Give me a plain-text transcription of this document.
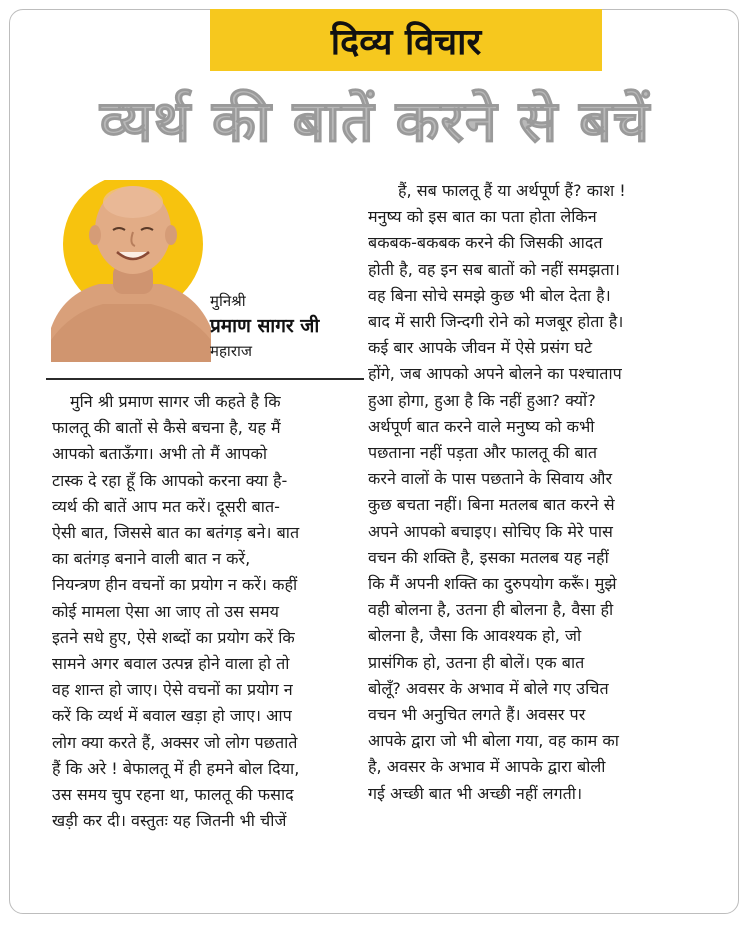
दिव्य विचार
व्यर्थ की बातें करने से बचें
मुनिश्री
प्रमाण सागर जी
महाराज
मुनि श्री प्रमाण सागर जी कहते है कि
फालतू की बातों से कैसे बचना है, यह मैं
आपको बताऊँगा। अभी तो मैं आपको
टास्क दे रहा हूँ कि आपको करना क्या है-
व्यर्थ की बातें आप मत करें। दूसरी बात-
ऐसी बात, जिससे बात का बतंगड़ बने। बात
का बतंगड़ बनाने वाली बात न करें,
नियन्त्रण हीन वचनों का प्रयोग न करें। कहीं
कोई मामला ऐसा आ जाए तो उस समय
इतने सधे हुए, ऐसे शब्दों का प्रयोग करें कि
सामने अगर बवाल उत्पन्न होने वाला हो तो
वह शान्त हो जाए। ऐसे वचनों का प्रयोग न
करें कि व्यर्थ में बवाल खड़ा हो जाए। आप
लोग क्या करते हैं, अक्सर जो लोग पछताते
हैं कि अरे ! बेफालतू में ही हमने बोल दिया,
उस समय चुप रहना था, फालतू की फसाद
खड़ी कर दी। वस्तुतः यह जितनी भी चीजें
हैं, सब फालतू हैं या अर्थपूर्ण हैं? काश !
मनुष्य को इस बात का पता होता लेकिन
बकबक-बकबक करने की जिसकी आदत
होती है, वह इन सब बातों को नहीं समझता।
वह बिना सोचे समझे कुछ भी बोल देता है।
बाद में सारी जिन्दगी रोने को मजबूर होता है।
कई बार आपके जीवन में ऐसे प्रसंग घटे
होंगे, जब आपको अपने बोलने का पश्चाताप
हुआ होगा, हुआ है कि नहीं हुआ? क्यों?
अर्थपूर्ण बात करने वाले मनुष्य को कभी
पछताना नहीं पड़ता और फालतू की बात
करने वालों के पास पछताने के सिवाय और
कुछ बचता नहीं। बिना मतलब बात करने से
अपने आपको बचाइए। सोचिए कि मेरे पास
वचन की शक्ति है, इसका मतलब यह नहीं
कि मैं अपनी शक्ति का दुरुपयोग करूँ। मुझे
वही बोलना है, उतना ही बोलना है, वैसा ही
बोलना है, जैसा कि आवश्यक हो, जो
प्रासंगिक हो, उतना ही बोलें। एक बात
बोलूँ? अवसर के अभाव में बोले गए उचित
वचन भी अनुचित लगते हैं। अवसर पर
आपके द्वारा जो भी बोला गया, वह काम का
है, अवसर के अभाव में आपके द्वारा बोली
गई अच्छी बात भी अच्छी नहीं लगती।
